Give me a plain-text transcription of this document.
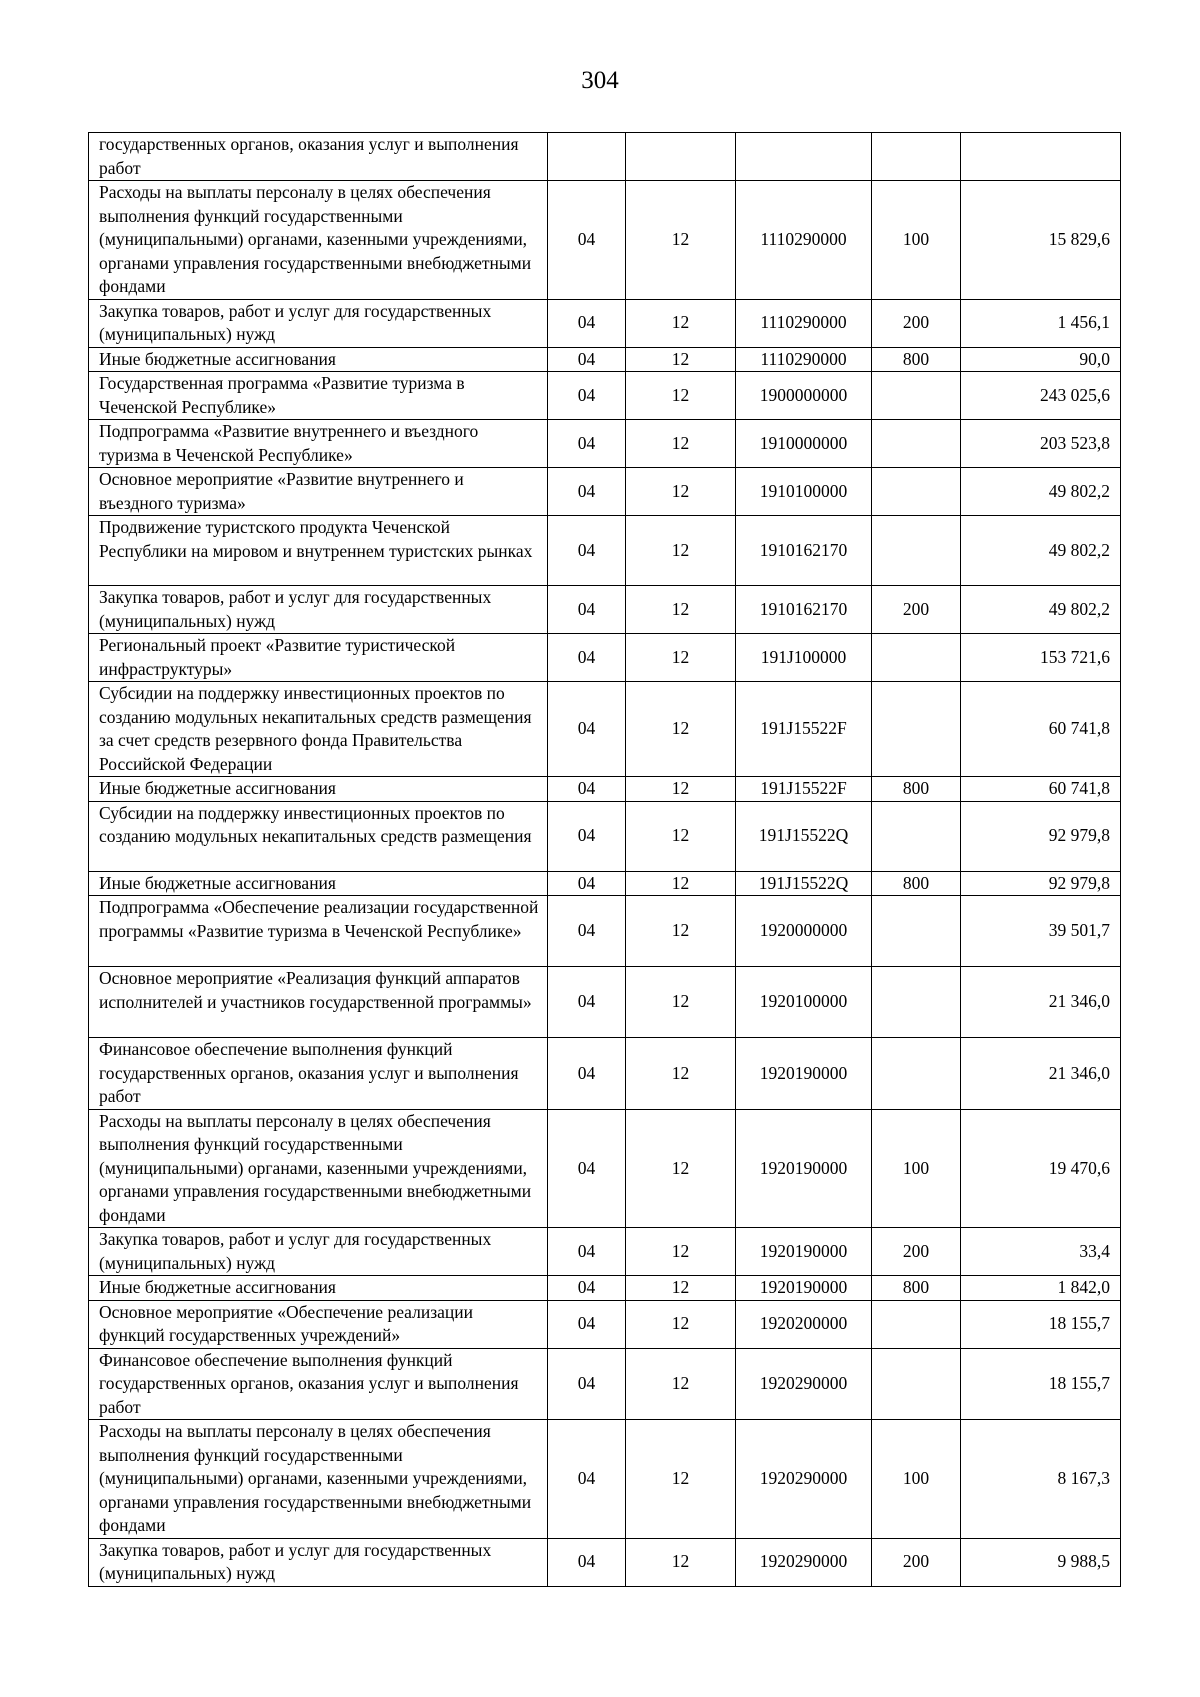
304
государственных органов, оказания услуг и выполнения работ					
Расходы на выплаты персоналу в целях обеспечения выполнения функций государственными (муниципальными) органами, казенными учреждениями, органами управления государственными внебюджетными фондами	04	12	1110290000	100	15 829,6
Закупка товаров, работ и услуг для государственных (муниципальных) нужд	04	12	1110290000	200	1 456,1
Иные бюджетные ассигнования	04	12	1110290000	800	90,0
Государственная программа «Развитие туризма в Чеченской Республике»	04	12	1900000000		243 025,6
Подпрограмма «Развитие внутреннего и въездного туризма в Чеченской Республике»	04	12	1910000000		203 523,8
Основное мероприятие «Развитие внутреннего и въездного туризма»	04	12	1910100000		49 802,2
Продвижение туристского продукта Чеченской Республики на мировом и внутреннем туристских рынках	04	12	1910162170		49 802,2
Закупка товаров, работ и услуг для государственных (муниципальных) нужд	04	12	1910162170	200	49 802,2
Региональный проект «Развитие туристической инфраструктуры»	04	12	191J100000		153 721,6
Субсидии на поддержку инвестиционных проектов по созданию модульных некапитальных средств размещения за счет средств резервного фонда Правительства Российской Федерации	04	12	191J15522F		60 741,8
Иные бюджетные ассигнования	04	12	191J15522F	800	60 741,8
Субсидии на поддержку инвестиционных проектов по созданию модульных некапитальных средств размещения	04	12	191J15522Q		92 979,8
Иные бюджетные ассигнования	04	12	191J15522Q	800	92 979,8
Подпрограмма «Обеспечение реализации государственной программы «Развитие туризма в Чеченской Республике»	04	12	1920000000		39 501,7
Основное мероприятие «Реализация функций аппаратов исполнителей и участников государственной программы»	04	12	1920100000		21 346,0
Финансовое обеспечение выполнения функций государственных органов, оказания услуг и выполнения работ	04	12	1920190000		21 346,0
Расходы на выплаты персоналу в целях обеспечения выполнения функций государственными (муниципальными) органами, казенными учреждениями, органами управления государственными внебюджетными фондами	04	12	1920190000	100	19 470,6
Закупка товаров, работ и услуг для государственных (муниципальных) нужд	04	12	1920190000	200	33,4
Иные бюджетные ассигнования	04	12	1920190000	800	1 842,0
Основное мероприятие «Обеспечение реализации функций государственных учреждений»	04	12	1920200000		18 155,7
Финансовое обеспечение выполнения функций государственных органов, оказания услуг и выполнения работ	04	12	1920290000		18 155,7
Расходы на выплаты персоналу в целях обеспечения выполнения функций государственными (муниципальными) органами, казенными учреждениями, органами управления государственными внебюджетными фондами	04	12	1920290000	100	8 167,3
Закупка товаров, работ и услуг для государственных (муниципальных) нужд	04	12	1920290000	200	9 988,5
